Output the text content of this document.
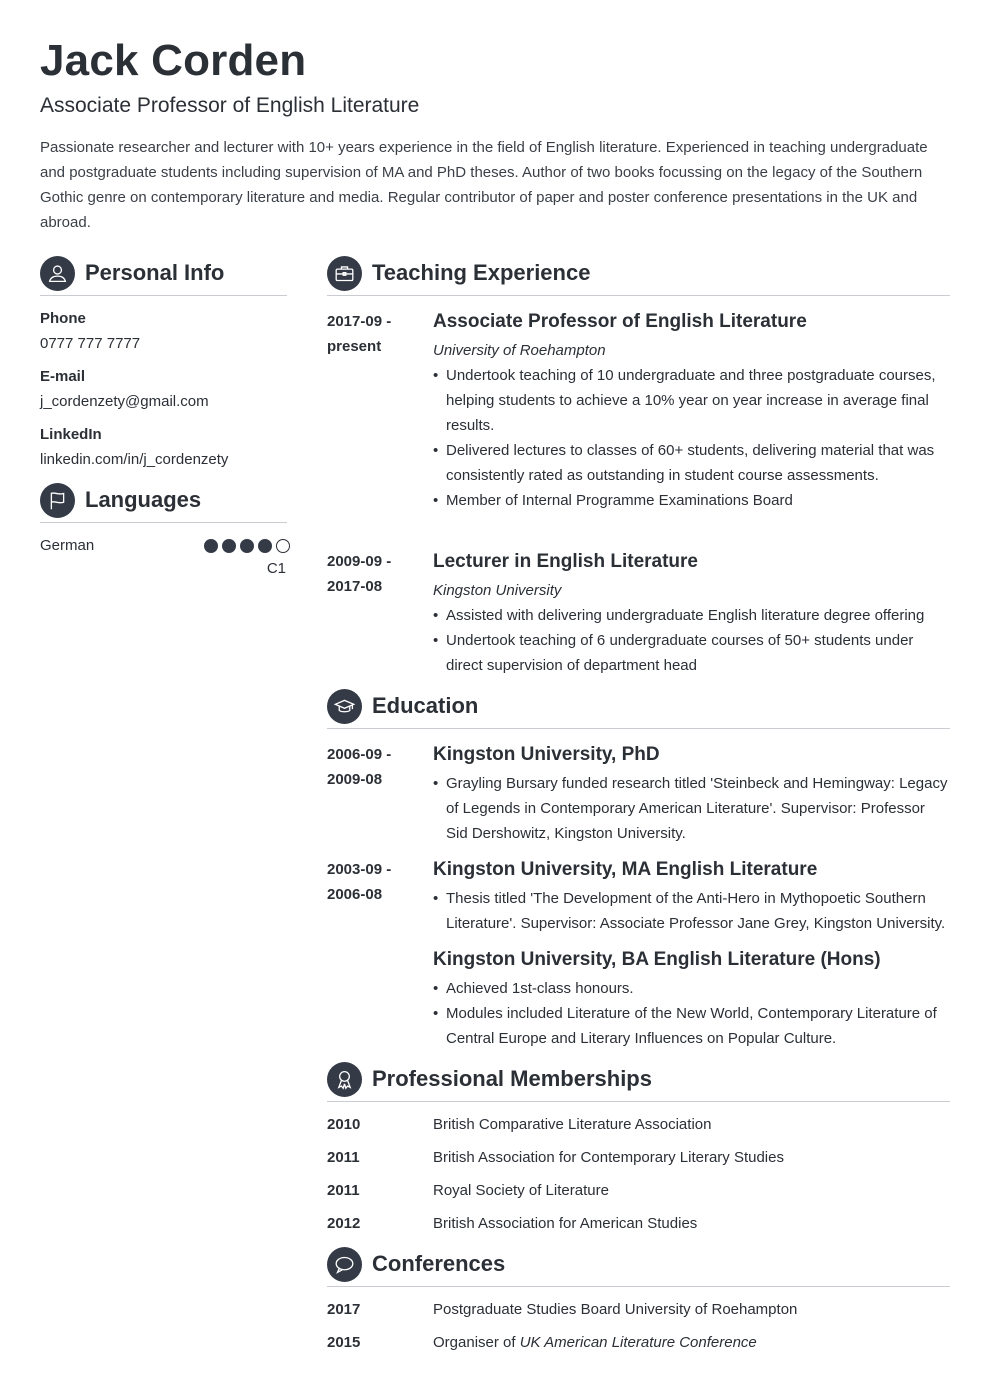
Jack Corden
Associate Professor of English Literature
Passionate researcher and lecturer with 10+ years experience in the field of English literature. Experienced in teaching undergraduate and postgraduate students including supervision of MA and PhD theses. Author of two books focussing on the legacy of the Southern Gothic genre on contemporary literature and media. Regular contributor of paper and poster conference presentations in the UK and abroad.
Personal Info
Phone
0777 777 7777
E-mail
j_cordenzety@gmail.com
LinkedIn
linkedin.com/in/j_cordenzety
Languages
German
C1
Teaching Experience
2017-09 -
present
Associate Professor of English Literature
University of Roehampton
• Undertook teaching of 10 undergraduate and three postgraduate courses, helping students to achieve a 10% year on year increase in average final results.
• Delivered lectures to classes of 60+ students, delivering material that was consistently rated as outstanding in student course assessments.
• Member of Internal Programme Examinations Board
2009-09 -
2017-08
Lecturer in English Literature
Kingston University
• Assisted with delivering undergraduate English literature degree offering
• Undertook teaching of 6 undergraduate courses of 50+ students under direct supervision of department head
Education
2006-09 -
2009-08
Kingston University, PhD
• Grayling Bursary funded research titled 'Steinbeck and Hemingway: Legacy of Legends in Contemporary American Literature'. Supervisor: Professor Sid Dershowitz, Kingston University.
2003-09 -
2006-08
Kingston University, MA English Literature
• Thesis titled 'The Development of the Anti-Hero in Mythopoetic Southern Literature'. Supervisor: Associate Professor Jane Grey, Kingston University.
Kingston University, BA English Literature (Hons)
• Achieved 1st-class honours.
• Modules included Literature of the New World, Contemporary Literature of Central Europe and Literary Influences on Popular Culture.
Professional Memberships
2010	British Comparative Literature Association
2011	British Association for Contemporary Literary Studies
2011	Royal Society of Literature
2012	British Association for American Studies
Conferences
2017	Postgraduate Studies Board University of Roehampton
2015	Organiser of UK American Literature Conference
